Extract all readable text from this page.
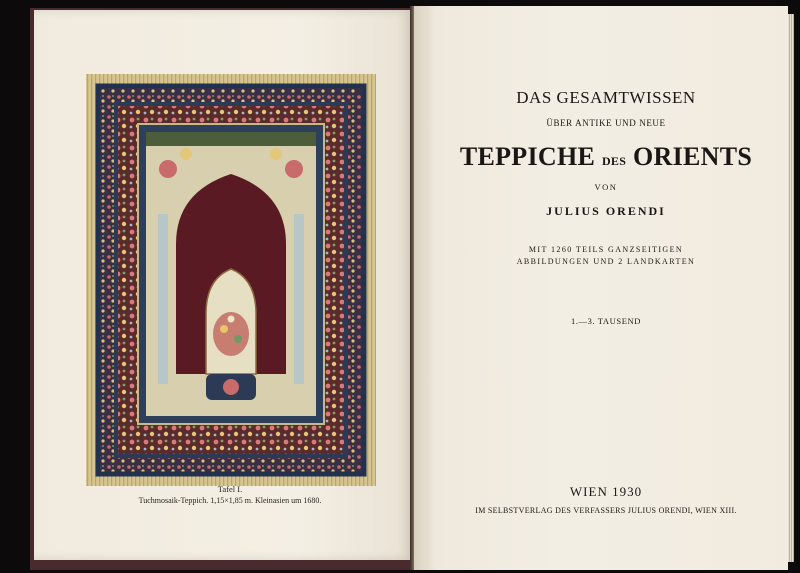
Tafel I.
Tuchmosaik-Teppich. 1,15×1,85 m. Kleinasien um 1680.
DAS GESAMTWISSEN
ÜBER ANTIKE UND NEUE
TEPPICHE DES ORIENTS
VON
JULIUS ORENDI
MIT 1260 TEILS GANZSEITIGEN
ABBILDUNGEN UND 2 LANDKARTEN
1.—3. TAUSEND
WIEN 1930
IM SELBSTVERLAG DES VERFASSERS JULIUS ORENDI, WIEN XIII.
